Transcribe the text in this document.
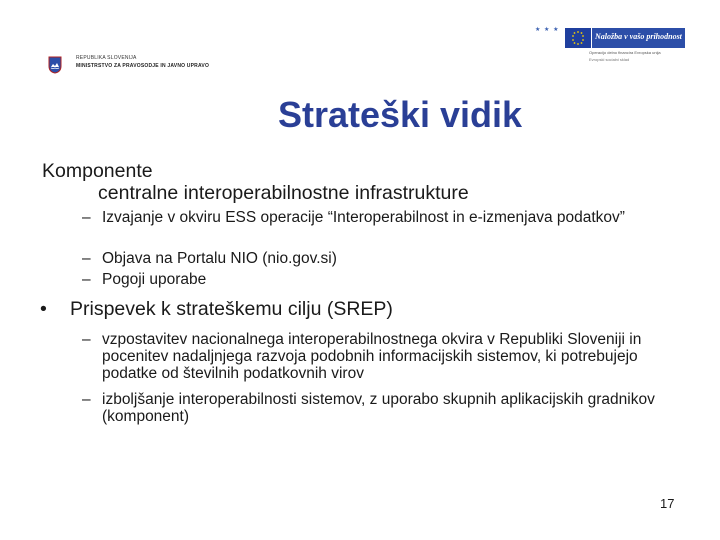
REPUBLIKA SLOVENIJA
MINISTRSTVO ZA PRAVOSODJE IN JAVNO UPRAVO
★ ★ ★
Naložba v vašo prihodnost
Operacijo delno financira Evropska unija
Evropski socialni sklad
Strateški vidik
Komponente
centralne interoperabilnostne infrastrukture
– Izvajanje v okviru ESS operacije “Interoperabilnost in e-izmenjava podatkov”
– Objava na Portalu NIO (nio.gov.si)
– Pogoji uporabe
•	Prispevek k strateškemu cilju (SREP)
– vzpostavitev nacionalnega interoperabilnostnega okvira v Republiki Sloveniji in pocenitev nadaljnjega razvoja podobnih informacijskih sistemov, ki potrebujejo podatke od številnih podatkovnih virov
– izboljšanje interoperabilnosti sistemov, z uporabo skupnih aplikacijskih gradnikov (komponent)
17
